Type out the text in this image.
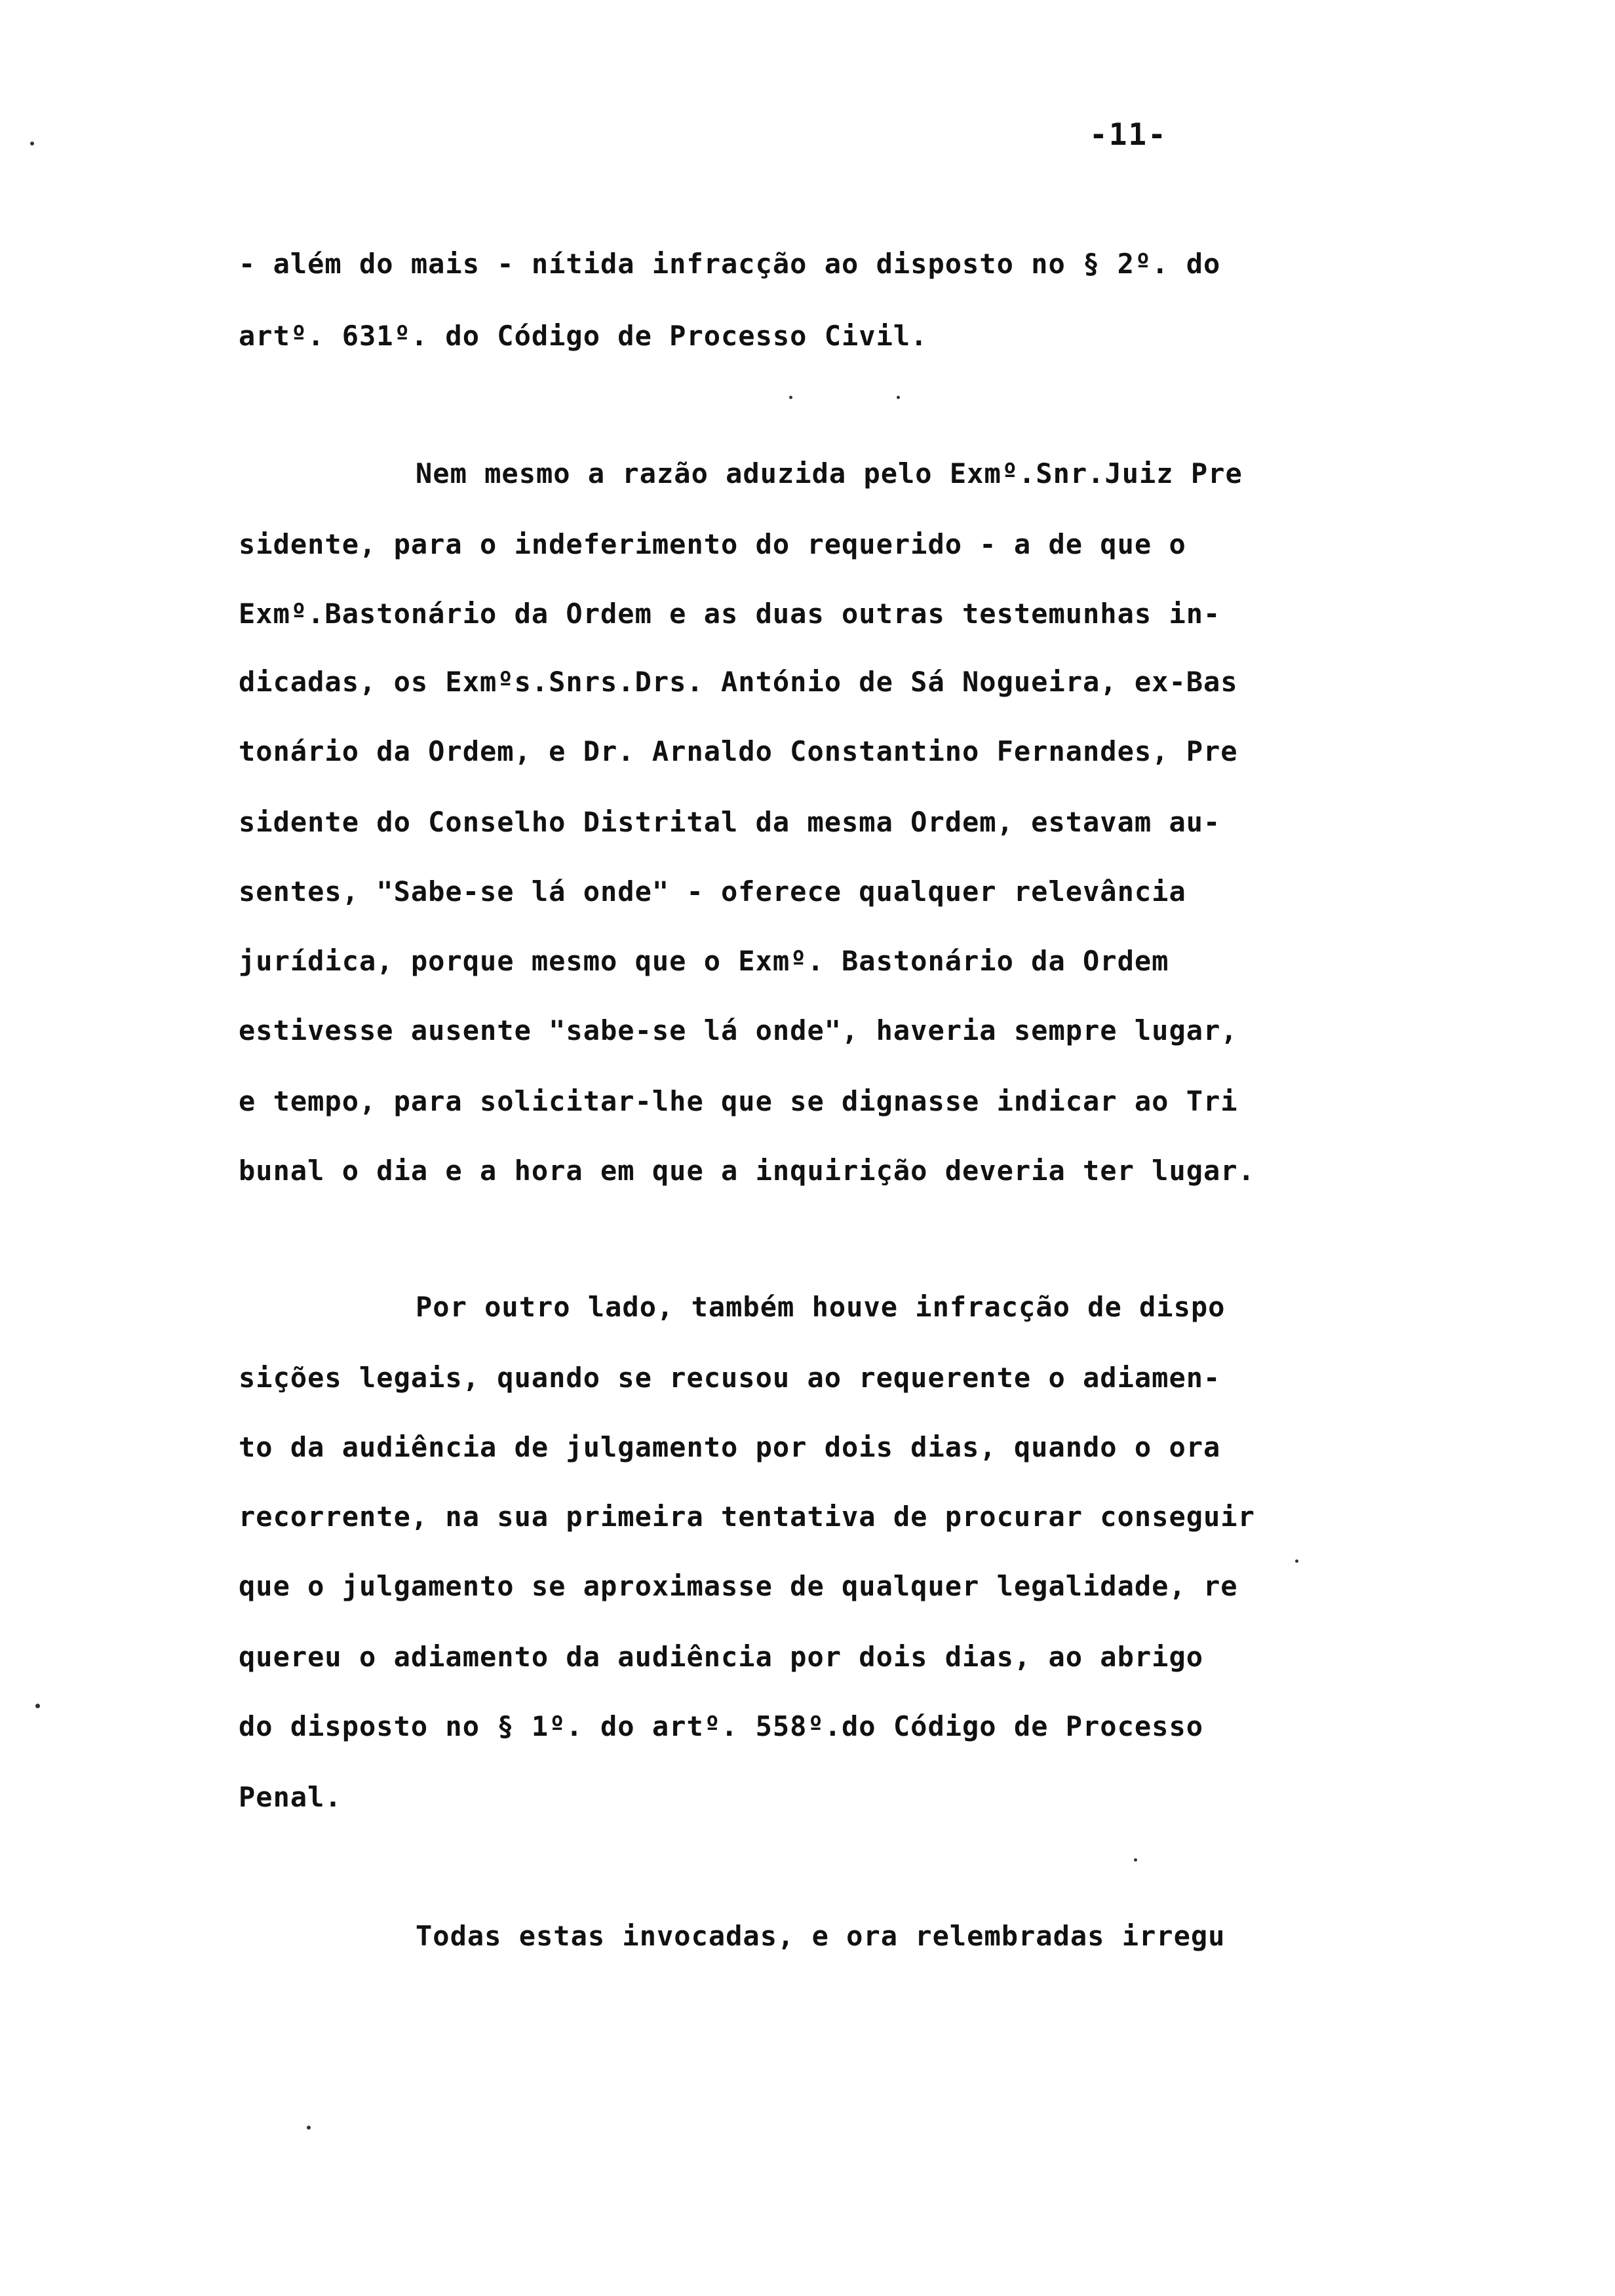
-11-
- além do mais - nítida infracção ao disposto no § 2º. do
artº. 631º. do Código de Processo Civil.
Nem mesmo a razão aduzida pelo Exmº.Snr.Juiz Pre
sidente, para o indeferimento do requerido - a de que o
Exmº.Bastonário da Ordem e as duas outras testemunhas in-
dicadas, os Exmºs.Snrs.Drs. António de Sá Nogueira, ex-Bas
tonário da Ordem, e Dr. Arnaldo Constantino Fernandes, Pre
sidente do Conselho Distrital da mesma Ordem, estavam au-
sentes, "Sabe-se lá onde" - oferece qualquer relevância
jurídica, porque mesmo que o Exmº. Bastonário da Ordem
estivesse ausente "sabe-se lá onde", haveria sempre lugar,
e tempo, para solicitar-lhe que se dignasse indicar ao Tri
bunal o dia e a hora em que a inquirição deveria ter lugar.
Por outro lado, também houve infracção de dispo
sições legais, quando se recusou ao requerente o adiamen-
to da audiência de julgamento por dois dias, quando o ora
recorrente, na sua primeira tentativa de procurar conseguir
que o julgamento se aproximasse de qualquer legalidade, re
quereu o adiamento da audiência por dois dias, ao abrigo
do disposto no § 1º. do artº. 558º.do Código de Processo
Penal.
Todas estas invocadas, e ora relembradas irregu
